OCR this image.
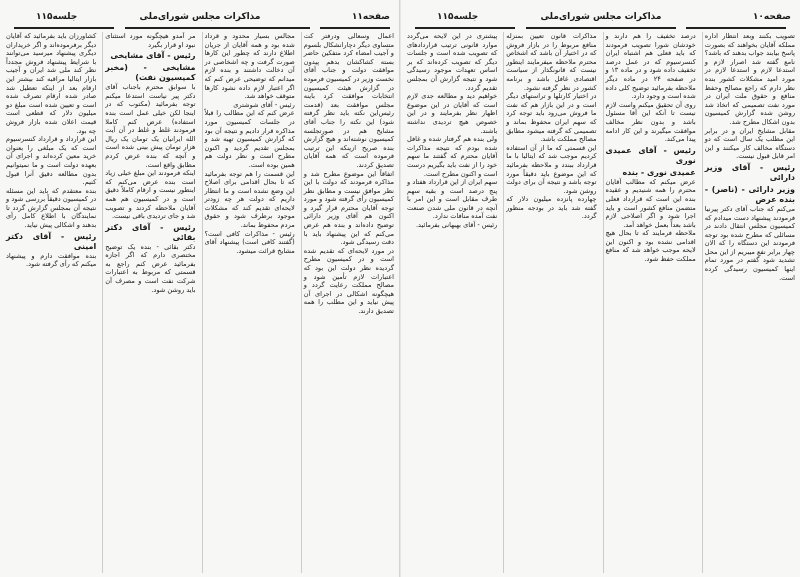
صفحه۱۱
مذاکرات مجلس شورای‌ملی
جلسه۱۱۵

اعمال وسعالی ودرفتر کت متساوی دیگر دچارانشکال بلسوم و آجیب امضاء کرد متفکین حاضر بسته کشاکشان بدهم پیدون موافقت دولت و جناب آقای نخست وزیر در کمیسیون فرموده در گزارش هیئت کمیسیون انتخابات موافقت کرد باینه مجلس موافقت بعد (قدمت رئیس‌این نکته باید نظر گرفته شود) این نکته را جناب آقای مشایخ هم در صورتجلسه کمیسیون نوشته‌اند و هیچ گزارش بنده صریح ازینکه این ترتیب فرموده است که همه آقایان تصدیق کردند.

اتفاقاً این موضوع مطرح شد و مذاکره فرمودند که دولت با این نظر موافق نیست و مطابق نظر کمیسیون رأی گرفته شود و مورد توجه آقایان محترم قرار گیرد و اکنون هم آقای وزیر دارائی توضیح داده‌اند و بنده هم عرض می‌کنم که این پیشنهاد باید با دقت رسیدگی شود.

در مورد لایحه‌ای که تقدیم شده است و در کمیسیون مطرح گردیده نظر دولت این بود که اعتبارات لازم تأمین شود و مصالح مملکت رعایت گردد و هیچگونه اشکالی در اجرای آن پیش نیاید و این مطلب را همه تصدیق دارند.

مجالس بسیار محدود و قرداد شده بود و همه آقایان از جریان اطلاع دارند که چطور این کارها صورت گرفت و چه اشخاصی در آن دخالت داشتند و بنده لازم میدانم که توضیحی عرض کنم که اگر اعتبار لازم داده نشود کارها متوقف خواهد شد.

رئیس - آقای شوشتری

عرض کنم که این مطالب را قبلاً در جلسات کمیسیون مورد مذاکره قرار دادیم و نتیجه آن بود که گزارش کمیسیون تهیه شد و بمجلس تقدیم گردید و اکنون مطرح است و نظر دولت هم همین بوده است.

این قسمت را هم توجه بفرمائید که تا بحال اقدامی برای اصلاح این وضع نشده است و ما انتظار داریم که دولت هر چه زودتر لایحه‌ای تقدیم کند که مشکلات موجود برطرف شود و حقوق مردم محفوظ بماند.

رئیس - مذاکرات کافی است؟ (گفتند کافی است) پیشنهاد آقای مشایخ قرائت میشود.

مر آمدو هیچگونه مورد استثنای نبود او قرار بگیرد

رئیس - آقای مشایخی

مشایخی - (مخبر کمیسیون نفت)

با سوابق محترم باجناب آقای دکتر پیر نیاست استدعا میکنم توجه بفرمائید (مکتوب که در اینجا لکن خیلی عمل است بنده استفاده) عرض کنم کاملا فرمودند غلط و غلط در آن آیت الله ایرانیان یک تومان یک ریال هزار تومان پیش بینی شده است و آنچه که بنده عرض کردم مطابق واقع است.

اینکه فرمودند این مبلغ خیلی زیاد است بنده عرض می‌کنم که اینطور نیست و ارقام کاملاً دقیق است و در کمیسیون هم همه آقایان ملاحظه کردند و تصویب شد و جای تردیدی باقی نیست.

رئیس - آقای دکتر بقائی

دکتر بقائی - بنده یک توضیح مختصری دارم که اگر اجازه بفرمائید عرض کنم راجع به قسمتی که مربوط به اعتبارات شرکت نفت است و مصرف آن باید روشن شود.

کشاورزان باید بفرمائید که آقایان دیگر برفرموده‌اند و اگر خریداران دیگری پیشنهاد میرسید می‌توانند با شرایط پیشنهاد فروش مجدداً نظر کند ملی شد ایران و آجیب بازار ایتالیا مراقبه کند بیشتر این ارقام بعد از اینکه تعطیل شد صادر شده ارقام تصرف شده است و تعیین شده است مبلغ دو میلیون دلار که قطعی است قیمت اعلان شده بازار فروش چه بود.

این قرارداد و قرارداد کنسرسیوم است که یک مبلغی را بعنوان خرید معین کرده‌اند و اجرای آن بعهده دولت است و ما نمیتوانیم بدون مطالعه دقیق آنرا قبول کنیم.

بنده معتقدم که باید این مسئله در کمیسیون دقیقاً بررسی شود و نتیجه آن بمجلس گزارش گردد تا نمایندگان با اطلاع کامل رأی بدهند و اشکالی پیش نیاید.

رئیس - آقای دکتر امینی

بنده موافقت دارم و پیشنهاد میکنم که رأی گرفته شود.

صفحه۱۰
مذاکرات مجلس شورای‌ملی
جلسه۱۱۵

تصویب بکنند وبعد انتظار اداره مملکه آقایان بخواهند که بصورت پاسخ بیابند جواب بدهند که باشد؟ نامع گفته شد اصرار لازم و استدعا لازم و استدعا لازم در مورد امید مشکلات کشور بنده نظر دارم که راجع مصالح وحفظ منافع و حقوق ملت ایران در مورد نفت تصمیمی که اتخاذ شد روشن شده گزارش کمیسیون بدون اشکال مطرح شد.

مقابل مشایخ ایران و در برابر این مطلب یک سال است که دو دستگاه مخالف کار میکنند و این امر قابل قبول نیست.

رئیس - آقای وزیر دارائی

وزیر دارائی - (ناصر) - بنده عرض

می‌کنم که جناب آقای دکتر پیرنیا فرمودند پیشنهاد دست میدادم که کمیسیون مجلس انتقال دادند در مسائلی که مطرح شده بود توجه فرمودند این دستگاه را که الان چهار برابر نفع میبریم از این محل تشدید شود گفتم در مورد تمام اینها کمیسیون رسیدگی کرده است.

درصد تخفیف را هم دارند و خودشان شورا تصویب فرمودند که باید فعلی هم اشتباه ایران کنسرسیوم که در عمل درصد تخفیف داده شود و در ماده ۱۳ و در صفحه ۲۴ در ماده دیگر ملاحظه بفرمائید توضیح کلی داده شده است و وجود دارد.

روی آن تحقیق میکنم واست لازم نیست تا آنکه این آقا مسئول باشد و بدون نظر مخالف موافقت میگیرند و این کار ادامه پیدا می‌کند.

رئیس - آقای عمیدی نوری

عمیدی نوری - بنده

عرض میکنم که مطالب آقایان محترم را همه شنیدیم و عقیده بنده این است که قرارداد فعلی متضمن منافع کشور است و باید اجرا شود و اگر اصلاحی لازم باشد بعداً بعمل خواهد آمد.

ملاحظه فرمایند که تا بحال هیچ اقدامی نشده بود و اکنون این لایحه موجب خواهد شد که منافع مملکت حفظ شود.

مذاکرات قانون تعیین بمنزله منافع مربوط را در بازار فروش که در اختیار آن باشد که اشخاص محترم ملاحظه میفرمایند اینطور نیست که قانونگذار از سیاست اقتصادی غافل باشد و برنامه کشور در نظر گرفته نشود.

در اختیار کارتلها و تراستهای دیگر است و در این بازار هم که نفت ما فروش می‌رود باید توجه کرد که سهم ایران محفوظ بماند و تصمیمی که گرفته میشود مطابق مصالح مملکت باشد.

این قسمتی که ما از آن استفاده کردیم موجب شد که ایتالیا با ما قرارداد ببندد و ملاحظه بفرمائید که این موضوع باید دقیقاً مورد توجه باشد و نتیجه آن برای دولت روشن شود.

چهارده پانزده میلیون دلار که گفته شد باید در بودجه منظور گردد.

پیشتری در این لایحه می‌گردد موارد قانونی ترتیب قراردادهای که تصویب شده است و جلسات دیگر که تصویب کرده‌اند که بر اساس تعهدات موجود رسیدگی شود و نتیجه گزارش آن بمجلس تقدیم گردد.

خواهیم دید و مطالعه جدی لازم است که آقایان در این موضوع اظهار نظر بفرمایند و در این خصوص هیچ تردیدی نداشته باشند.

ولی بنده هم گرفتار شده و غافل شده بودم که نتیجه مذاکرات آقایان محترم که گفتند ما سهم خود را از نفت باید بگیریم درست است و اکنون مطرح است.

سهم ایران از این قرارداد هفتاد و پنج درصد است و بقیه سهم طرف مقابل است و این امر با آنچه در قانون ملی شدن صنعت نفت آمده منافات ندارد.

رئیس - آقای بهبهانی بفرمائید.
